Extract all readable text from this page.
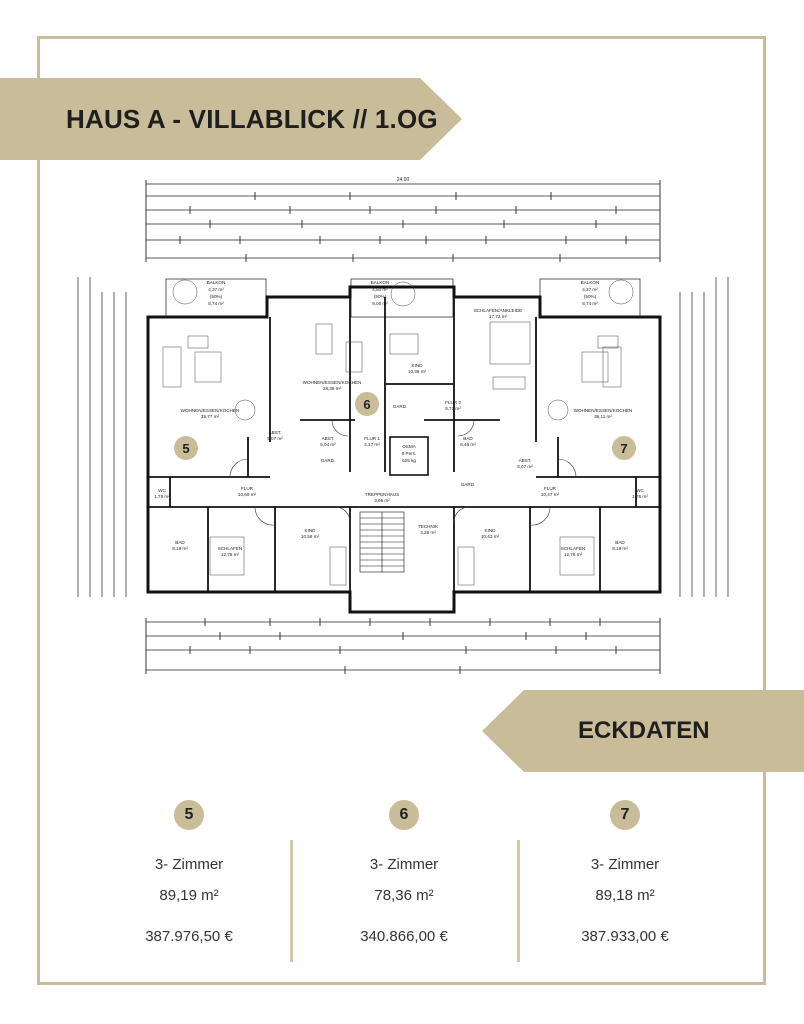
HAUS A - VILLABLICK // 1.OG
24,00
BALKON
4,37 m²
(50%)
8,74 m²
BALKON
4,50 m²
(50%)
9,00 m²
BALKON
4,37 m²
(50%)
8,74 m²
WOHNEN/ESSEN/KOCHEN
35,77 m²
WOHNEN/ESSEN/KOCHEN
28,38 m²
SCHLAFEN/ANKLEIDE
17,72 m²
WOHNEN/ESSEN/KOCHEN
36,11 m²
KIND
10,38 m²
FLUR 2
5,72 m²
ABST.
5,07 m²	ABST.
5,04 m²
FLUR 1
2,17 m²
BAD
6,46 m²
ABST.
5,07 m²
FLUR
10,69 m²
FLUR
10,47 m²
WC
1,76 m²
WC
1,76 m²
TREPPENHAUS
3,95 m²
BAD
8,18 m²	SCHLAFEN
12,78 m²
KIND
10,58 m²
TECHNIK
3,28 m²	KIND
10,43 m²
SCHLAFEN
12,78 m²
BAD
8,18 m²
OSMA
8 Pers.
625 kg
GARD.
GARD.
GARD.
5
6
7
ECKDATEN
5
3- Zimmer
89,19 m²
387.976,50 €
6
3- Zimmer
78,36 m²
340.866,00 €
7
3- Zimmer
89,18 m²
387.933,00 €
